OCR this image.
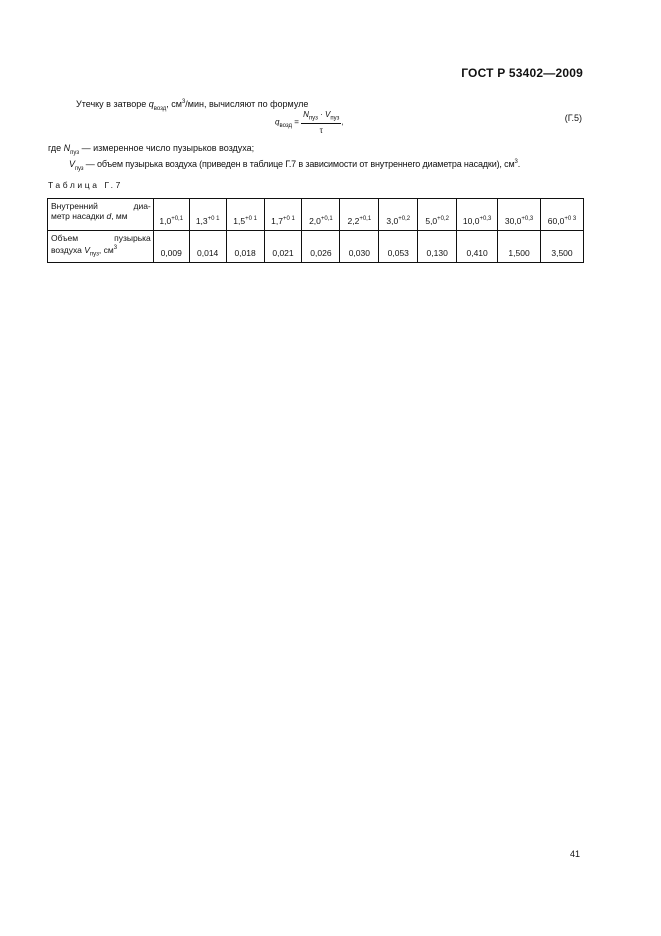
ГОСТ Р 53402—2009
Утечку в затворе $q_{возд}$, $см^3$/мин, вычисляют по формуле
$q_{возд} = \frac{N_{пуз} \cdot V_{пуз}}{\tau}$ ,	(Г.5)
где $N_{пуз}$ — измеренное число пузырьков воздуха;
$V_{пуз}$ — объем пузырька воздуха (приведен в таблице Г.7 в зависимости от внутреннего диаметра насадки), $см^3$.
Таблица Г.7
Внутренний диа-
метр насадки d, мм	$1,0^{+0,1}$	$1,3^{+0 1}$	$1,5^{+0 1}$	$1,7^{+0 1}$	$2,0^{+0,1}$	$2,2^{+0,1}$	$3,0^{+0,2}$	$5,0^{+0,2}$	$10,0^{+0,3}$	$30,0^{+0,3}$	$60,0^{+0 3}$

Объем пузырька
воздуха $V_{пуз}$, $см^3$	0,009	0,014	0,018	0,021	0,026	0,030	0,053	0,130	0,410	1,500	3,500
41
